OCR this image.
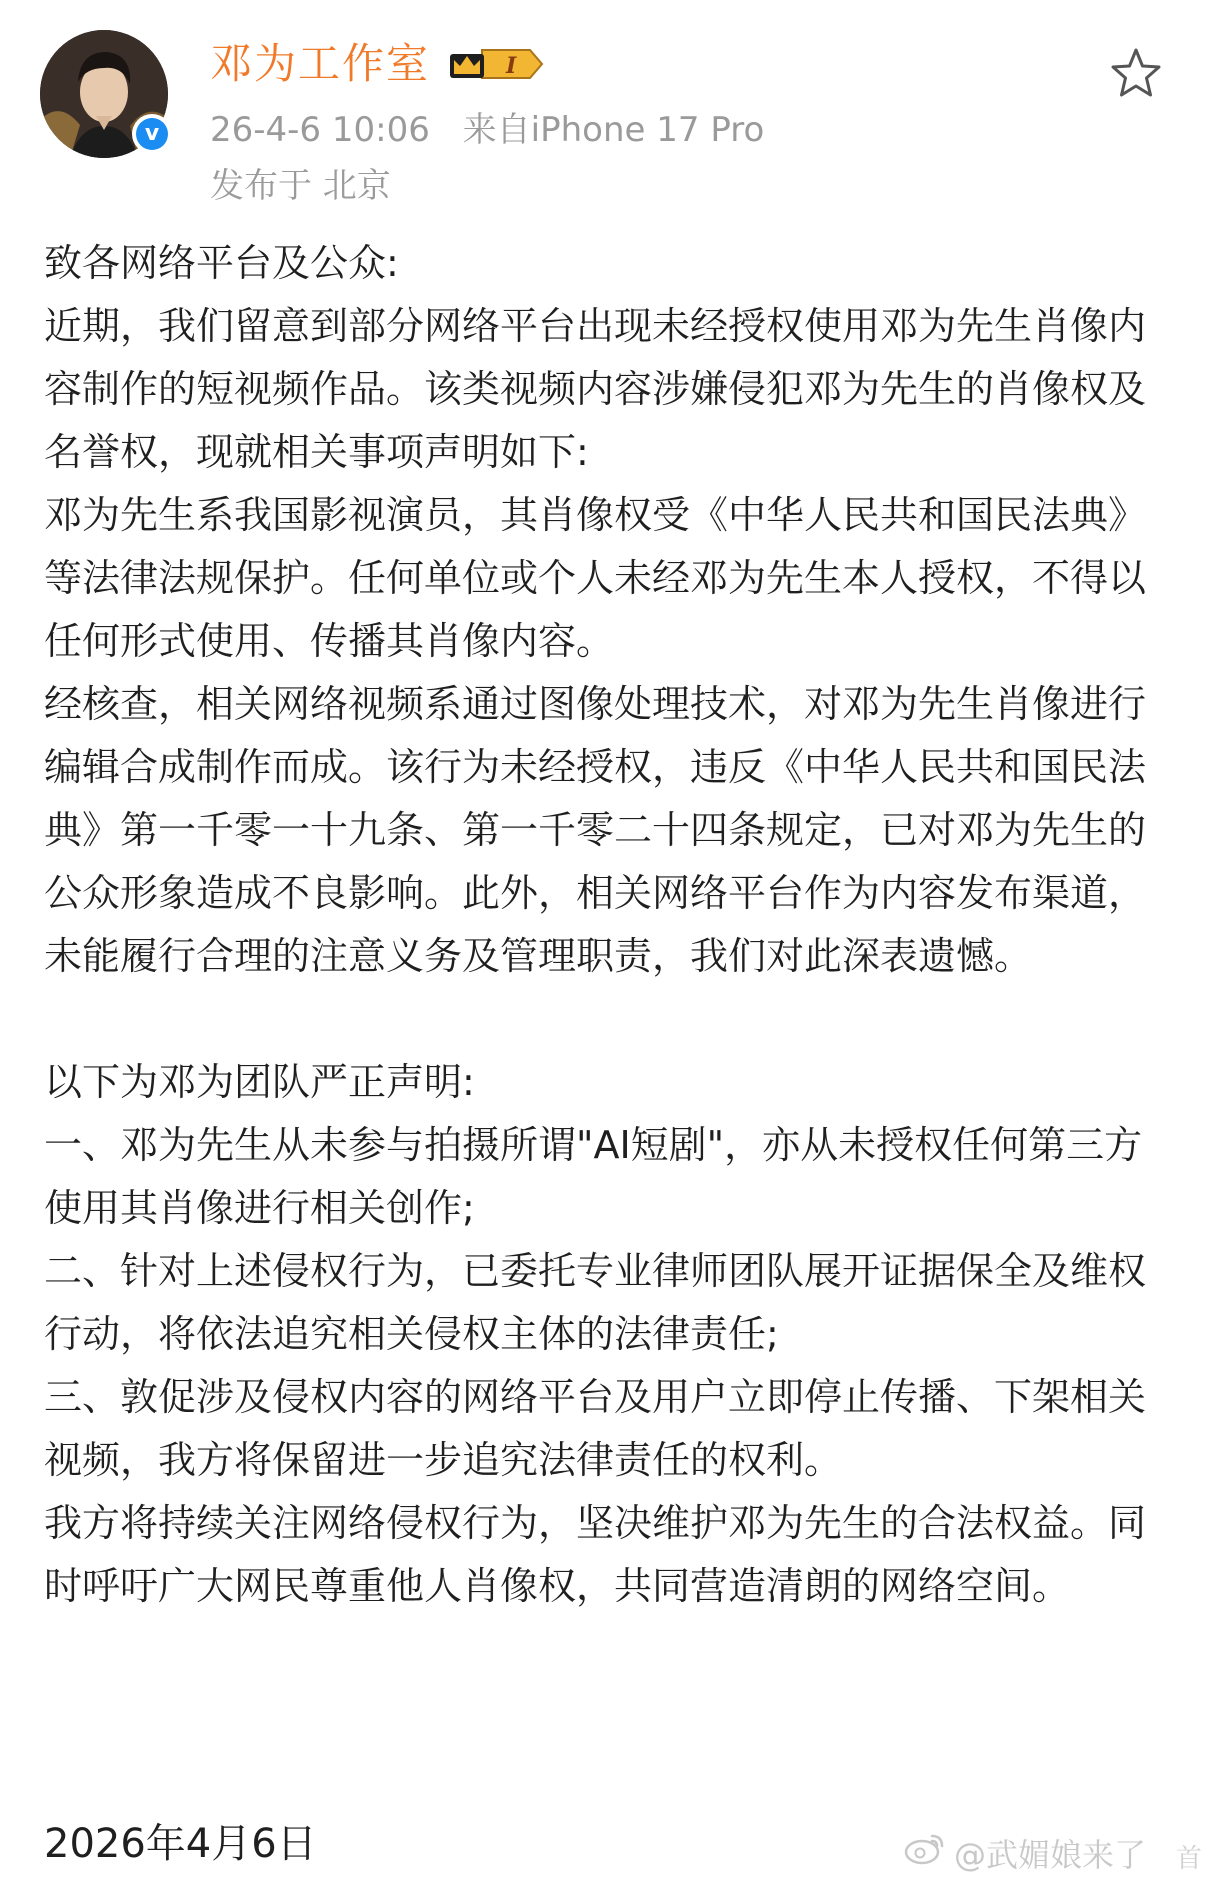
v
邓为工作室	I
26-4-6 10:06 来自iPhone 17 Pro
发布于 北京

致各网络平台及公众:

近期，我们留意到部分网络平台出现未经授权使用邓为先生肖像内容制作的短视频作品。该类视频内容涉嫌侵犯邓为先生的肖像权及名誉权，现就相关事项声明如下:

邓为先生系我国影视演员，其肖像权受《中华人民共和国民法典》等法律法规保护。任何单位或个人未经邓为先生本人授权，不得以任何形式使用、传播其肖像内容。

经核查，相关网络视频系通过图像处理技术，对邓为先生肖像进行编辑合成制作而成。该行为未经授权，违反《中华人民共和国民法典》第一千零一十九条、第一千零二十四条规定，已对邓为先生的公众形象造成不良影响。此外，相关网络平台作为内容发布渠道，未能履行合理的注意义务及管理职责，我们对此深表遗憾。

以下为邓为团队严正声明:

一、邓为先生从未参与拍摄所谓"AI短剧"，亦从未授权任何第三方使用其肖像进行相关创作;

二、针对上述侵权行为，已委托专业律师团队展开证据保全及维权行动，将依法追究相关侵权主体的法律责任;

三、敦促涉及侵权内容的网络平台及用户立即停止传播、下架相关视频，我方将保留进一步追究法律责任的权利。

我方将持续关注网络侵权行为，坚决维护邓为先生的合法权益。同时呼吁广大网民尊重他人肖像权，共同营造清朗的网络空间。

2026年4月6日	@武媚娘来了 首
